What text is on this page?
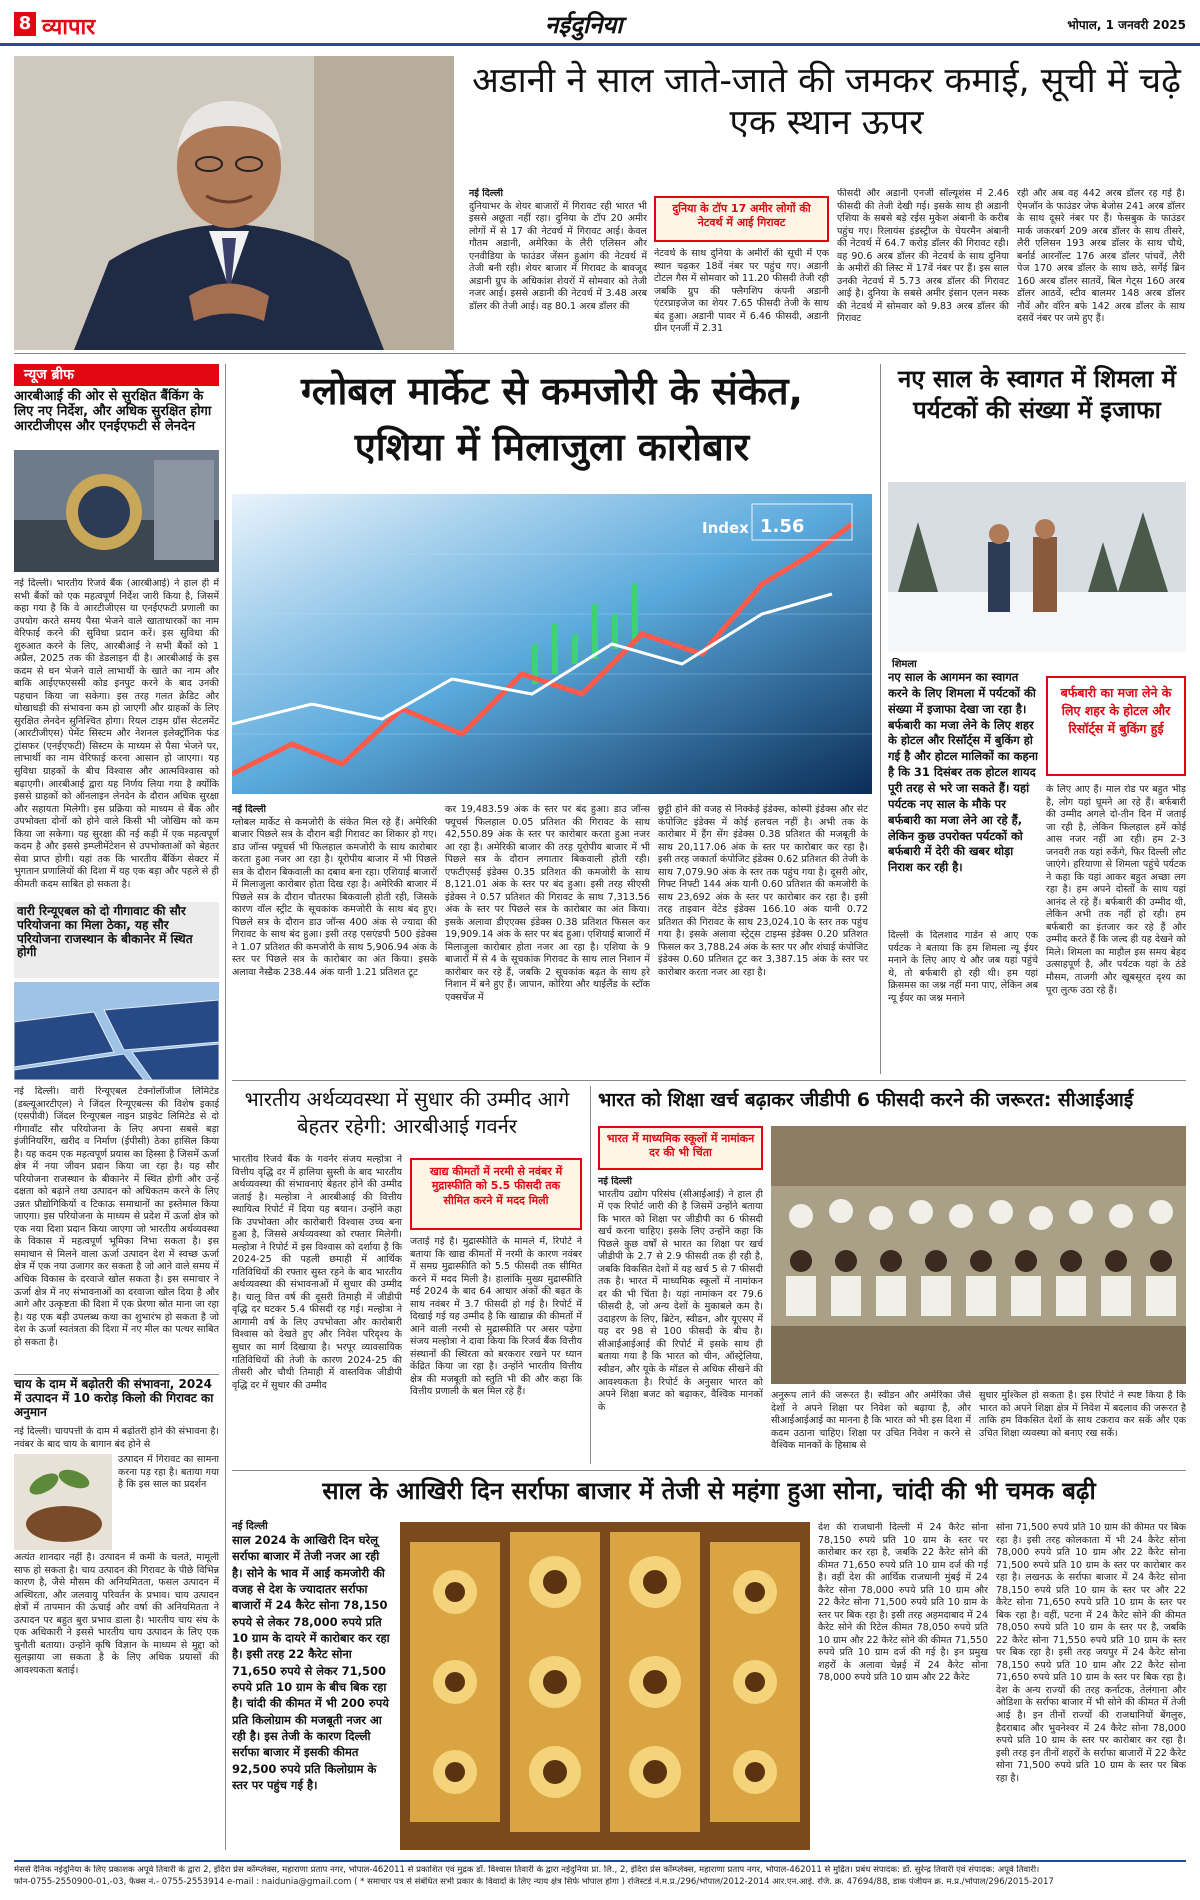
8 व्यापार	नईदुनिया	भोपाल, 1 जनवरी 2025
अडानी ने साल जाते-जाते की जमकर कमाई, सूची में चढ़े एक स्थान ऊपर
नई दिल्ली
दुनियाभर के शेयर बाजारों में गिरावट रही भारत भी इससे अछूता नहीं रहा। दुनिया के टॉप 20 अमीर लोगों में से 17 की नेटवर्थ में गिरावट आई। केवल गौतम अडानी, अमेरिका के लैरी एलिसन और एनवीडिया के फाउंडर जेंसन हुआंग की नेटवर्थ में तेजी बनी रही। शेयर बाजार में गिरावट के बावजूद अडानी ग्रुप के अधिकांश शेयरों में सोमवार को तेजी नजर आई। इससे अडानी की नेटवर्थ में 3.48 अरब डॉलर की तेजी आई। वह 80.1 अरब डॉलर की
दुनिया के टॉप 17 अमीर लोगों की नेटवर्थ में आई गिरावट
नेटवर्थ के साथ दुनिया के अमीरों की सूची में एक स्थान चढ़कर 18वें नंबर पर पहुंच गए। अडानी टोटल गैस में सोमवार को 11.20 फीसदी तेजी रही जबकि ग्रुप की फ्लैगशिप कंपनी अडानी एंटरप्राइजेज का शेयर 7.65 फीसदी तेजी के साथ बंद हुआ। अडानी पावर में 6.46 फीसदी, अडानी ग्रीन एनर्जी में 2.31
फीसदी और अडानी एनर्जी सॉल्यूशंस में 2.46 फीसदी की तेजी देखी गई। इसके साथ ही अडानी एशिया के सबसे बड़े रईस मुकेश अंबानी के करीब पहुंच गए। रिलायंस इंडस्ट्रीज के चेयरमैन अंबानी की नेटवर्थ में 64.7 करोड़ डॉलर की गिरावट रही। वह 90.6 अरब डॉलर की नेटवर्थ के साथ दुनिया के अमीरों की लिस्ट में 17वें नंबर पर हैं। इस साल उनकी नेटवर्थ में 5.73 अरब डॉलर की गिरावट आई है। दुनिया के सबसे अमीर इंसान एलन मस्क की नेटवर्थ में सोमवार को 9.83 अरब डॉलर की गिरावट
रही और अब वह 442 अरब डॉलर रह गई है। ऐमजॉन के फाउंडर जेफ बेजोस 241 अरब डॉलर के साथ दूसरे नंबर पर हैं। फेसबुक के फाउंडर मार्क जकरबर्ग 209 अरब डॉलर के साथ तीसरे, लैरी एलिसन 193 अरब डॉलर के साथ चौथे, बर्नार्ड आरनॉल्ट 176 अरब डॉलर पांचवें, लैरी पेज 170 अरब डॉलर के साथ छठे, सर्गेई ब्रिन 160 अरब डॉलर सातवें, बिल गेट्स 160 अरब डॉलर आठवें, स्टीव बालमर 148 अरब डॉलर नौवें और वॉरेन बफे 142 अरब डॉलर के साथ दसवें नंबर पर जमे हुए हैं।
न्यूज ब्रीफ
आरबीआई की ओर से सुरक्षित बैंकिंग के लिए नए निर्देश, और अधिक सुरक्षित होगा आरटीजीएस और एनईएफटी से लेनदेन
नई दिल्ली। भारतीय रिजर्व बैंक (आरबीआई) ने हाल ही में सभी बैंकों को एक महत्वपूर्ण निर्देश जारी किया है, जिसमें कहा गया है कि वे आरटीजीएस या एनईएफटी प्रणाली का उपयोग करते समय पैसा भेजने वाले खाताधारकों का नाम वेरिफाई करने की सुविधा प्रदान करें। इस सुविधा की शुरुआत करने के लिए, आरबीआई ने सभी बैंकों को 1 अप्रैल, 2025 तक की डेडलाइन दी है। आरबीआई के इस कदम से धन भेजने वाले लाभार्थी के खाते का नाम और बाकि आईएफएससी कोड इनपुट करने के बाद उनकी पहचान किया जा सकेगा। इस तरह गलत क्रेडिट और धोखाधड़ी की संभावना कम हो जाएगी और ग्राहकों के लिए सुरक्षित लेनदेन सुनिश्चित होगा। रियल टाइम ग्रॉस सेटलमेंट (आरटीजीएस) पेमेंट सिस्टम और नेशनल इलेक्ट्रॉनिक फंड ट्रांसफर (एनईएफटी) सिस्टम के माध्यम से पैसा भेजने पर, लाभार्थी का नाम वेरिफाई करना आसान हो जाएगा। यह सुविधा ग्राहकों के बीच विश्वास और आत्मविश्वास को बढ़ाएगी। आरबीआई द्वारा यह निर्णय लिया गया है क्योंकि इससे ग्राहकों को ऑनलाइन लेनदेन के दौरान अधिक सुरक्षा और सहायता मिलेगी। इस प्रक्रिया को माध्यम से बैंक और उपभोक्ता दोनों को होने वाले किसी भी जोखिम को कम किया जा सकेगा। यह सुरक्षा की नई कड़ी में एक महत्वपूर्ण कदम है और इससे इम्प्लीमेंटेशन से उपभोक्ताओं को बेहतर सेवा प्राप्त होगी। यहां तक कि भारतीय बैंकिंग सेक्टर में भुगतान प्रणालियों की दिशा में यह एक बड़ा और पहले से ही कीमती कदम साबित हो सकता है।
वारी रिन्यूएबल को दो गीगावाट की सौर परियोजना का मिला ठेका, यह सौर परियोजना राजस्थान के बीकानेर में स्थित होगी
नई दिल्ली। वारी रिन्यूएबल टेक्नोलॉजीज लिमिटेड (डब्ल्यूआरटीएल) ने जिंदल रिन्यूएबल्स की विशेष इकाई (एसपीवी) जिंदल रिन्यूएबल नाइन प्राइवेट लिमिटेड से दो गीगावॉट सौर परियोजना के लिए अपना सबसे बड़ा इंजीनियरिंग, खरीद व निर्माण (ईपीसी) ठेका हासिल किया है। यह कदम एक महत्वपूर्ण प्रयास का हिस्सा है जिसमें ऊर्जा क्षेत्र में नया जीवन प्रदान किया जा रहा है। यह सौर परियोजना राजस्थान के बीकानेर में स्थित होगी और उन्हें दक्षता को बढ़ाने तथा उत्पादन को अधिकतम करने के लिए उन्नत प्रौद्योगिकियों व टिकाऊ समाधानों का इस्तेमाल किया जाएगा। इस परियोजना के माध्यम से प्रदेश में ऊर्जा क्षेत्र को एक नया दिशा प्रदान किया जाएगा जो भारतीय अर्थव्यवस्था के विकास में महत्वपूर्ण भूमिका निभा सकता है। इस समाधान से मिलने वाला ऊर्जा उत्पादन देश में स्वच्छ ऊर्जा क्षेत्र में एक नया उजागर कर सकता है जो आने वाले समय में अधिक विकास के दरवाजे खोल सकता है। इस समाचार ने ऊर्जा क्षेत्र में नए संभावनाओं का दरवाजा खोल दिया है और आगे और उत्कृष्टता की दिशा में एक प्रेरणा स्रोत माना जा रहा है। यह एक बड़ी उपलब्ध कथा का शुभारंभ हो सकता है जो देश के ऊर्जा स्वतंत्रता की दिशा में नए मील का पत्थर साबित हो सकता है।
चाय के दाम में बढ़ोतरी की संभावना, 2024 में उत्पादन में 10 करोड़ किलो की गिरावट का अनुमान
नई दिल्ली। चायपत्ती के दाम में बढ़ोतरी होने की संभावना है। नवंबर के बाद चाय के बागान बंद होने से
उत्पादन में गिरावट का सामना करना पड़ रहा है। बताया गया है कि इस साल का प्रदर्शन
अत्यंत शानदार नहीं है। उत्पादन में कमी के चलते, मामूली साफ हो सकता है। चाय उत्पादन की गिरावट के पीछे विभिन्न कारण है, जैसे मौसम की अनियमितता, फसल उत्पादन में अस्थिरता, और जलवायु परिवर्तन के प्रभाव। चाय उत्पादन क्षेत्रों में तापमान की ऊंचाई और वर्षा की अनियमितता ने उत्पादन पर बहुत बुरा प्रभाव डाला है। भारतीय चाय संघ के एक अधिकारी ने इससे भारतीय चाय उत्पादन के लिए एक चुनौती बताया। उन्होंने कृषि विज्ञान के माध्यम से मुद्दा को सुलझाया जा सकता है के लिए अधिक प्रयासों की आवश्यकता बताई।
ग्लोबल मार्केट से कमजोरी के संकेत,
एशिया में मिलाजुला कारोबार
Index 1.56
नई दिल्ली
ग्लोबल मार्केट से कमजोरी के संकेत मिल रहे हैं। अमेरिकी बाजार पिछले सत्र के दौरान बड़ी गिरावट का शिकार हो गए। डाउ जॉन्स फ्यूचर्स भी फिलहाल कमजोरी के साथ कारोबार करता हुआ नजर आ रहा है। यूरोपीय बाजार में भी पिछले सत्र के दौरान बिकवाली का दबाव बना रहा। एशियाई बाजारों में मिलाजुला कारोबार होता दिख रहा है। अमेरिकी बाजार में पिछले सत्र के दौरान चौतरफा बिकवाली होती रही, जिसके कारण वॉल स्ट्रीट के सूचकांक कमजोरी के साथ बंद हुए। पिछले सत्र के दौरान डाउ जॉन्स 400 अंक से ज्यादा की गिरावट के साथ बंद हुआ। इसी तरह एसएंडपी 500 इंडेक्स ने 1.07 प्रतिशत की कमजोरी के साथ 5,906.94 अंक के स्तर पर पिछले सत्र के कारोबार का अंत किया। इसके अलावा नैस्डैक 238.44 अंक यानी 1.21 प्रतिशत टूट
कर 19,483.59 अंक के स्तर पर बंद हुआ। डाउ जॉन्स फ्यूचर्स फिलहाल 0.05 प्रतिशत की गिरावट के साथ 42,550.89 अंक के स्तर पर कारोबार करता हुआ नजर आ रहा है। अमेरिकी बाजार की तरह यूरोपीय बाजार में भी पिछले सत्र के दौरान लगातार बिकवाली होती रही। एफटीएसई इंडेक्स 0.35 प्रतिशत की कमजोरी के साथ 8,121.01 अंक के स्तर पर बंद हुआ। इसी तरह सीएसी इंडेक्स ने 0.57 प्रतिशत की गिरावट के साथ 7,313.56 अंक के स्तर पर पिछले सत्र के कारोबार का अंत किया। इसके अलावा डीएएक्स इंडेक्स 0.38 प्रतिशत फिसल कर 19,909.14 अंक के स्तर पर बंद हुआ। एशियाई बाजारों में मिलाजुला कारोबार होता नजर आ रहा है। एशिया के 9 बाजारों में से 4 के सूचकांक गिरावट के साथ लाल निशान में कारोबार कर रहे हैं, जबकि 2 सूचकांक बढ़त के साथ हरे निशान में बने हुए हैं। जापान, कोरिया और थाईलैंड के स्टॉक एक्सचेंज में
छुट्टी होने की वजह से निक्केई इंडेक्स, कोस्पी इंडेक्स और सेट कंपोजिट इंडेक्स में कोई हलचल नहीं है। अभी तक के कारोबार में हैंग सेंग इंडेक्स 0.38 प्रतिशत की मजबूती के साथ 20,117.06 अंक के स्तर पर कारोबार कर रहा है। इसी तरह जकार्ता कंपोजिट इंडेक्स 0.62 प्रतिशत की तेजी के साथ 7,079.90 अंक के स्तर तक पहुंच गया है। दूसरी ओर, गिफ्ट निफ्टी 144 अंक यानी 0.60 प्रतिशत की कमजोरी के साथ 23,692 अंक के स्तर पर कारोबार कर रहा है। इसी तरह ताइवान वेटेड इंडेक्स 166.10 अंक यानी 0.72 प्रतिशत की गिरावट के साथ 23,024.10 के स्तर तक पहुंच गया है। इसके अलावा स्ट्रेट्स टाइम्स इंडेक्स 0.20 प्रतिशत फिसल कर 3,788.24 अंक के स्तर पर और शंघाई कंपोजिट इंडेक्स 0.60 प्रतिशत टूट कर 3,387.15 अंक के स्तर पर कारोबार करता नजर आ रहा है।
नए साल के स्वागत में शिमला में पर्यटकों की संख्या में इजाफा
शिमला
नए साल के आगमन का स्वागत करने के लिए शिमला में पर्यटकों की संख्या में इजाफा देखा जा रहा है। बर्फबारी का मजा लेने के लिए शहर के होटल और रिसॉर्ट्स में बुकिंग हो गई है और होटल मालिकों का कहना है कि 31 दिसंबर तक होटल शायद पूरी तरह से भरे जा सकते हैं। यहां पर्यटक नए साल के मौके पर बर्फबारी का मजा लेने आ रहे हैं, लेकिन कुछ उपरोक्त पर्यटकों को बर्फबारी में देरी की खबर थोड़ा निराश कर रही है।
बर्फबारी का मजा लेने के लिए शहर के होटल और रिसॉर्ट्स में बुकिंग हुई
दिल्ली के दिलशाद गार्डन से आए एक पर्यटक ने बताया कि हम शिमला न्यू ईयर मनाने के लिए आए थे और जब यहां पहुंचे थे, तो बर्फबारी हो रही थी। हम यहां क्रिसमस का जश्न नहीं मना पाए, लेकिन अब न्यू ईयर का जश्न मनाने
के लिए आए हैं। माल रोड पर बहुत भीड़ है, लोग यहां घूमने आ रहे हैं। बर्फबारी की उम्मीद अगले दो-तीन दिन में जताई जा रही है, लेकिन फिलहाल हमें कोई आस नजर नहीं आ रही। हम 2-3 जनवरी तक यहां रुकेंगे, फिर दिल्ली लौट जाएंगे। हरियाणा से शिमला पहुंचे पर्यटक ने कहा कि यहां आकर बहुत अच्छा लग रहा है। हम अपने दोस्तों के साथ यहां आनंद ले रहे हैं। बर्फबारी की उम्मीद थी, लेकिन अभी तक नहीं हो रही। हम बर्फबारी का इंतजार कर रहे हैं और उम्मीद करते हैं कि जल्द ही यह देखने को मिले। शिमला का माहौल इस समय बेहद उत्साहपूर्ण है, और पर्यटक यहां के ठंडे मौसम, ताजगी और खूबसूरत दृश्य का पूरा लुत्फ उठा रहे हैं।
भारतीय अर्थव्यवस्था में सुधार की उम्मीद आगे बेहतर रहेगी: आरबीआई गवर्नर
भारतीय रिजर्व बैंक के गवर्नर संजय मल्होत्रा ने वित्तीय वृद्धि दर में हालिया सुस्ती के बाद भारतीय अर्थव्यवस्था की संभावनाएं बेहतर होने की उम्मीद जताई है। मल्होत्रा ने आरबीआई की वित्तीय स्थायित्व रिपोर्ट में दिया यह बयान। उन्होंने कहा कि उपभोक्ता और कारोबारी विश्वास उच्च बना हुआ है, जिससे अर्थव्यवस्था को रफ्तार मिलेगी। मल्होत्रा ने रिपोर्ट में इस विश्वास को दर्शाया है कि 2024-25 की पहली छमाही में आर्थिक गतिविधियों की रफ्तार सुस्त रहने के बाद भारतीय अर्थव्यवस्था की संभावनाओं में सुधार की उम्मीद है। चालू वित्त वर्ष की दूसरी तिमाही में जीडीपी वृद्धि दर घटकर 5.4 फीसदी रह गई। मल्होत्रा ने आगामी वर्ष के लिए उपभोक्ता और कारोबारी विश्वास को देखते हुए और निवेश परिदृश्य के सुधार का मार्ग दिखाया है। भरपूर व्यावसायिक गतिविधियों की तेजी के कारण 2024-25 की तीसरी और चौथी तिमाही में वास्तविक जीडीपी वृद्धि दर में सुधार की उम्मीद
खाद्य कीमतों में नरमी से नवंबर में मुद्रास्फीति को 5.5 फीसदी तक सीमित करने में मदद मिली
जताई गई है। मुद्रास्फीति के मामले में, रिपोर्ट ने बताया कि खाद्य कीमतों में नरमी के कारण नवंबर में समग्र मुद्रास्फीति को 5.5 फीसदी तक सीमित करने में मदद मिली है। हालांकि मुख्य मुद्रास्फीति मई 2024 के बाद 64 आधार अंकों की बढ़त के साथ नवंबर में 3.7 फीसदी हो गई है। रिपोर्ट में दिखाई गई यह उम्मीद है कि खाद्यान्न की कीमतों में आने वाली नरमी से मुद्रास्फीति पर असर पड़ेगा संजय मल्होत्रा ने दावा किया कि रिजर्व बैंक वित्तीय संस्थानों की स्थिरता को बरकरार रखने पर ध्यान केंद्रित किया जा रहा है। उन्होंने भारतीय वित्तीय क्षेत्र की मजबूती को स्तुति भी की और कहा कि वित्तीय प्रणाली के बल मिल रहे हैं।
भारत को शिक्षा खर्च बढ़ाकर जीडीपी 6 फीसदी करने की जरूरत: सीआईआई
भारत में माध्यमिक स्कूलों में नामांकन दर की भी चिंता
नई दिल्ली
भारतीय उद्योग परिसंघ (सीआईआई) ने हाल ही में एक रिपोर्ट जारी की है जिसमें उन्होंने बताया कि भारत को शिक्षा पर जीडीपी का 6 फीसदी खर्च करना चाहिए। इसके लिए उन्होंने कहा कि पिछले कुछ वर्षों से भारत का शिक्षा पर खर्च जीडीपी के 2.7 से 2.9 फीसदी तक ही रही है, जबकि विकसित देशों में यह खर्च 5 से 7 फीसदी तक है। भारत में माध्यमिक स्कूलों में नामांकन दर की भी चिंता है। यहां नामांकन दर 79.6 फीसदी है, जो अन्य देशों के मुकाबले कम है। उदाहरण के लिए, ब्रिटेन, स्वीडन, और यूएसए में यह दर 98 से 100 फीसदी के बीच है। सीआईआईआई की रिपोर्ट में इसके साथ ही बताया गया है कि भारत को चीन, ऑस्ट्रेलिया, स्वीडन, और यूके के मॉडल से अधिक सीखने की आवश्यकता है। रिपोर्ट के अनुसार भारत को अपने शिक्षा बजट को बढ़ाकर, वैश्विक मानकों के
अनुरूप लाने की जरूरत है। स्वीडन और अमेरिका जैसे देशों ने अपने शिक्षा पर निवेश को बढ़ाया है, और सीआईआईआई का मानना है कि भारत को भी इस दिशा में कदम उठाना चाहिए। शिक्षा पर उचित निवेश न करने से वैश्विक मानकों के हिसाब से
सुधार मुश्किल हो सकता है। इस रिपोर्ट ने स्पष्ट किया है कि भारत को अपने शिक्षा क्षेत्र में निवेश में बदलाव की जरूरत है ताकि हम विकसित देशों के साथ टकराव कर सकें और एक उचित शिक्षा व्यवस्था को बनाए रख सकें।
साल के आखिरी दिन सर्राफा बाजार में तेजी से महंगा हुआ सोना, चांदी की भी चमक बढ़ी
नई दिल्ली
साल 2024 के आखिरी दिन घरेलू सर्राफा बाजार में तेजी नजर आ रही है। सोने के भाव में आई कमजोरी की वजह से देश के ज्यादातर सर्राफा बाजारों में 24 कैरेट सोना 78,150 रुपये से लेकर 78,000 रुपये प्रति 10 ग्राम के दायरे में कारोबार कर रहा है। इसी तरह 22 कैरेट सोना 71,650 रुपये से लेकर 71,500 रुपये प्रति 10 ग्राम के बीच बिक रहा है। चांदी की कीमत में भी 200 रुपये प्रति किलोग्राम की मजबूती नजर आ रही है। इस तेजी के कारण दिल्ली सर्राफा बाजार में इसकी कीमत 92,500 रुपये प्रति किलोग्राम के स्तर पर पहुंच गई है।
देश की राजधानी दिल्ली में 24 कैरेट सोना 78,150 रुपये प्रति 10 ग्राम के स्तर पर कारोबार कर रहा है, जबकि 22 कैरेट सोने की कीमत 71,650 रुपये प्रति 10 ग्राम दर्ज की गई है। वहीं देश की आर्थिक राजधानी मुंबई में 24 कैरेट सोना 78,000 रुपये प्रति 10 ग्राम और 22 कैरेट सोना 71,500 रुपये प्रति 10 ग्राम के स्तर पर बिक रहा है। इसी तरह अहमदाबाद में 24 कैरेट सोने की रिटेल कीमत 78,050 रुपये प्रति 10 ग्राम और 22 कैरेट सोने की कीमत 71,550 रुपये प्रति 10 ग्राम दर्ज की गई है। इन प्रमुख शहरों के अलावा चेन्नई में 24 कैरेट सोना 78,000 रुपये प्रति 10 ग्राम और 22 कैरेट
सोना 71,500 रुपये प्रति 10 ग्राम की कीमत पर बिक रहा है। इसी तरह कोलकाता में भी 24 कैरेट सोना 78,000 रुपये प्रति 10 ग्राम और 22 कैरेट सोना 71,500 रुपये प्रति 10 ग्राम के स्तर पर कारोबार कर रहा है। लखनऊ के सर्राफा बाजार में 24 कैरेट सोना 78,150 रुपये प्रति 10 ग्राम के स्तर पर और 22 कैरेट सोना 71,650 रुपये प्रति 10 ग्राम के स्तर पर बिक रहा है। वहीं, पटना में 24 कैरेट सोने की कीमत 78,050 रुपये प्रति 10 ग्राम के स्तर पर है, जबकि 22 कैरेट सोना 71,550 रुपये प्रति 10 ग्राम के स्तर पर बिक रहा है। इसी तरह जयपुर में 24 कैरेट सोना 78,150 रुपये प्रति 10 ग्राम और 22 कैरेट सोना 71,650 रुपये प्रति 10 ग्राम के स्तर पर बिक रहा है। देश के अन्य राज्यों की तरह कर्नाटक, तेलंगाना और ओडिशा के सर्राफा बाजार में भी सोने की कीमत में तेजी आई है। इन तीनों राज्यों की राजधानियों बेंगलुरु, हैदराबाद और भुवनेश्वर में 24 कैरेट सोना 78,000 रुपये प्रति 10 ग्राम के स्तर पर कारोबार कर रहा है। इसी तरह इन तीनों शहरों के सर्राफा बाजारों में 22 कैरेट सोना 71,500 रुपये प्रति 10 ग्राम के स्तर पर बिक रहा है।
मेसर्स दैनिक नईदुनिया के लिए प्रकाशक अपूर्व तिवारी के द्वारा 2, इंदिरा प्रेस कॉम्प्लेक्स, महाराणा प्रताप नगर, भोपाल-462011 से प्रकाशित एवं मुद्रक डॉ. विश्वास तिवारी के द्वारा नईदुनिया प्रा. लि., 2, इंदिरा प्रेस कॉम्प्लेक्स, महाराणा प्रताप नगर, भोपाल-462011 से मुद्रित। प्रबंध संपादक: डॉ. सुरेन्द्र तिवारी एवं संपादक: अपूर्व तिवारी।
फोन-0755-2550900-01,-03, फैक्स नं.- 0755-2553914 e-mail : naidunia@gmail.com ( * समाचार पत्र से संबंधित सभी प्रकार के विवादों के लिए न्याय क्षेत्र सिर्फ भोपाल होगा ) रजिस्टर्ड नं.म.प्र./296/भोपाल/2012-2014 आर.एन.आई. रजि. क्र. 47694/88, डाक पंजीयन क्र. म.प्र./भोपाल/296/2015-2017
